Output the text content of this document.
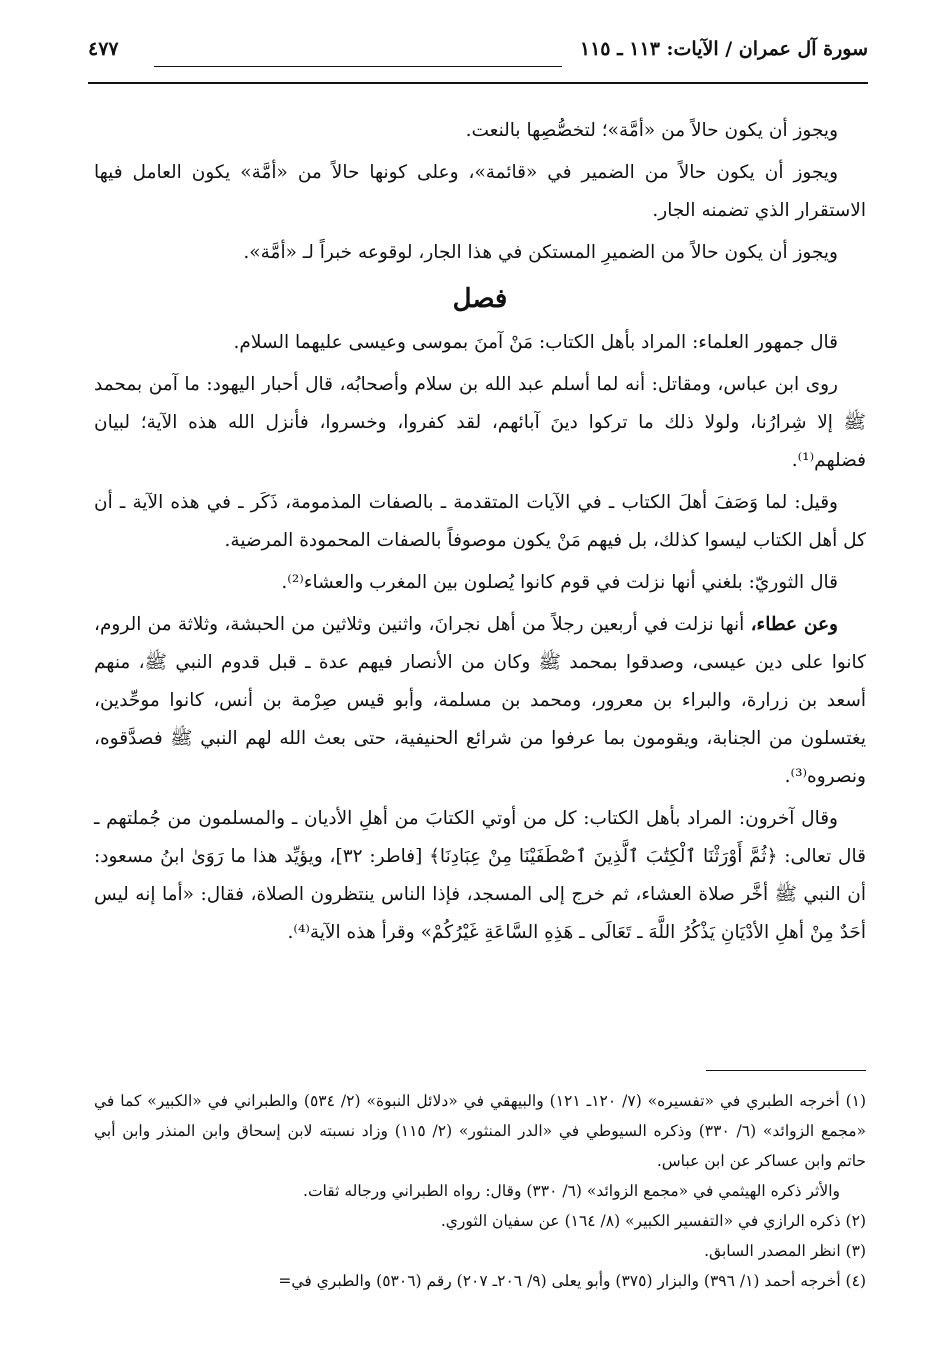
سورة آل عمران / الآيات: ١١٣ ـ ١١٥
٤٧٧

ويجوز أن يكون حالاً من «أمَّة»؛ لتخصُّصِها بالنعت.

ويجوز أن يكون حالاً من الضمير في «قائمة»، وعلى كونها حالاً من «أمَّة» يكون العامل فيها الاستقرار الذي تضمنه الجار.

ويجوز أن يكون حالاً من الضميرِ المستكن في هذا الجار، لوقوعه خبراً لـ «أمَّة».

فصل

قال جمهور العلماء: المراد بأهل الكتاب: مَنْ آمنَ بموسى وعيسى عليهما السلام.

روى ابن عباس، ومقاتل: أنه لما أسلم عبد الله بن سلام وأصحابُه، قال أحبار اليهود: ما آمن بمحمد ﷺ إلا شِرارُنا، ولولا ذلك ما تركوا دينَ آبائهم، لقد كفروا، وخسروا، فأنزل الله هذه الآية؛ لبيان فضلهم⁽¹⁾.

وقيل: لما وَصَفَ أهلَ الكتاب ـ في الآيات المتقدمة ـ بالصفات المذمومة، ذَكَر ـ في هذه الآية ـ أن كل أهل الكتاب ليسوا كذلك، بل فيهم مَنْ يكون موصوفاً بالصفات المحمودة المرضية.

قال الثوريّ: بلغني أنها نزلت في قوم كانوا يُصلون بين المغرب والعشاء⁽²⁾.

وعن عطاء، أنها نزلت في أربعين رجلاً من أهل نجرانَ، واثنين وثلاثين من الحبشة، وثلاثة من الروم، كانوا على دين عيسى، وصدقوا بمحمد ﷺ وكان من الأنصار فيهم عدة ـ قبل قدوم النبي ﷺ، منهم أسعد بن زرارة، والبراء بن معرور، ومحمد بن مسلمة، وأبو قيس صِرْمة بن أنس، كانوا موحِّدين، يغتسلون من الجنابة، ويقومون بما عرفوا من شرائع الحنيفية، حتى بعث الله لهم النبي ﷺ فصدَّقوه، ونصروه⁽³⁾.

وقال آخرون: المراد بأهل الكتاب: كل من أوتي الكتابَ من أهلِ الأديان ـ والمسلمون من جُملتهم ـ قال تعالى: ﴿ثُمَّ أَوْرَثْنَا ٱلْكِتَٰبَ ٱلَّذِينَ ٱصْطَفَيْنَا مِنْ عِبَادِنَا﴾ [فاطر: ٣٢]، ويؤيِّد هذا ما رَوَىٰ ابنُ مسعود: أن النبي ﷺ أخَّر صلاة العشاء، ثم خرج إلى المسجد، فإذا الناس ينتظرون الصلاة، فقال: «أما إنه ليس أحَدٌ مِنْ أهلِ الأدْيَانِ يَذْكُرُ اللَّهَ ـ تَعَالَى ـ هَذِهِ السَّاعَةِ غَيْرُكُمْ» وقرأ هذه الآية⁽⁴⁾.

(١) أخرجه الطبري في «تفسيره» (٧/ ١٢٠ـ ١٢١) والبيهقي في «دلائل النبوة» (٢/ ٥٣٤) والطبراني في «الكبير» كما في «مجمع الزوائد» (٦/ ٣٣٠) وذكره السيوطي في «الدر المنثور» (٢/ ١١٥) وزاد نسبته لابن إسحاق وابن المنذر وابن أبي حاتم وابن عساكر عن ابن عباس.

والأثر ذكره الهيثمي في «مجمع الزوائد» (٦/ ٣٣٠) وقال: رواه الطبراني ورجاله ثقات.

(٢) ذكره الرازي في «التفسير الكبير» (٨/ ١٦٤) عن سفيان الثوري.

(٣) انظر المصدر السابق.

(٤) أخرجه أحمد (١/ ٣٩٦) والبزار (٣٧٥) وأبو يعلى (٩/ ٢٠٦ـ ٢٠٧) رقم (٥٣٠٦) والطبري في=
